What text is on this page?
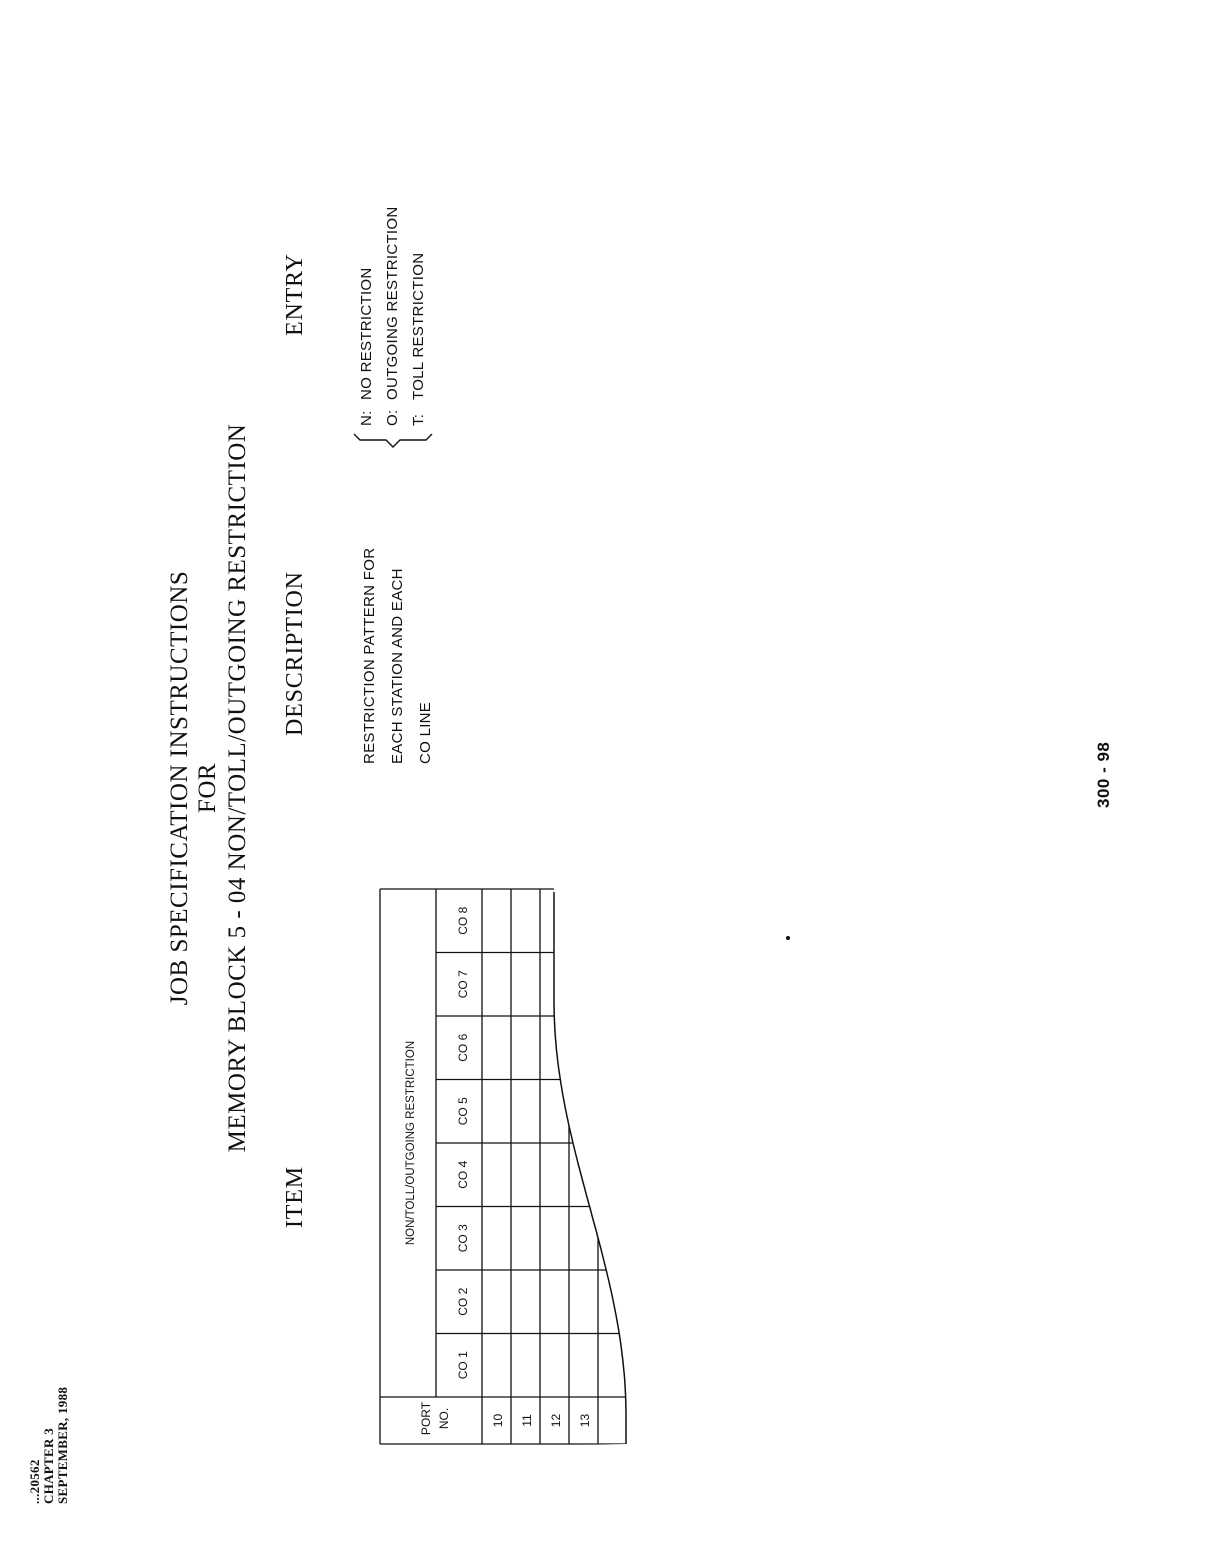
...20562 CHAPTER 3 SEPTEMBER, 1988
JOB SPECIFICATION INSTRUCTIONS FOR MEMORY BLOCK 5 - 04 NON/TOLL/OUTGOING RESTRICTION
ITEM
DESCRIPTION
ENTRY
RESTRICTION PATTERN FOR EACH STATION AND EACH CO LINE
N:NO RESTRICTION
O:OUTGOING RESTRICTION
T:TOLL RESTRICTION
PORT NO.
NON/TOLL/OUTGOING RESTRICTION
CO 1
CO 2
CO 3
CO 4
CO 5
CO 6
CO 7
CO 8
10 11 12 13
300 - 98
